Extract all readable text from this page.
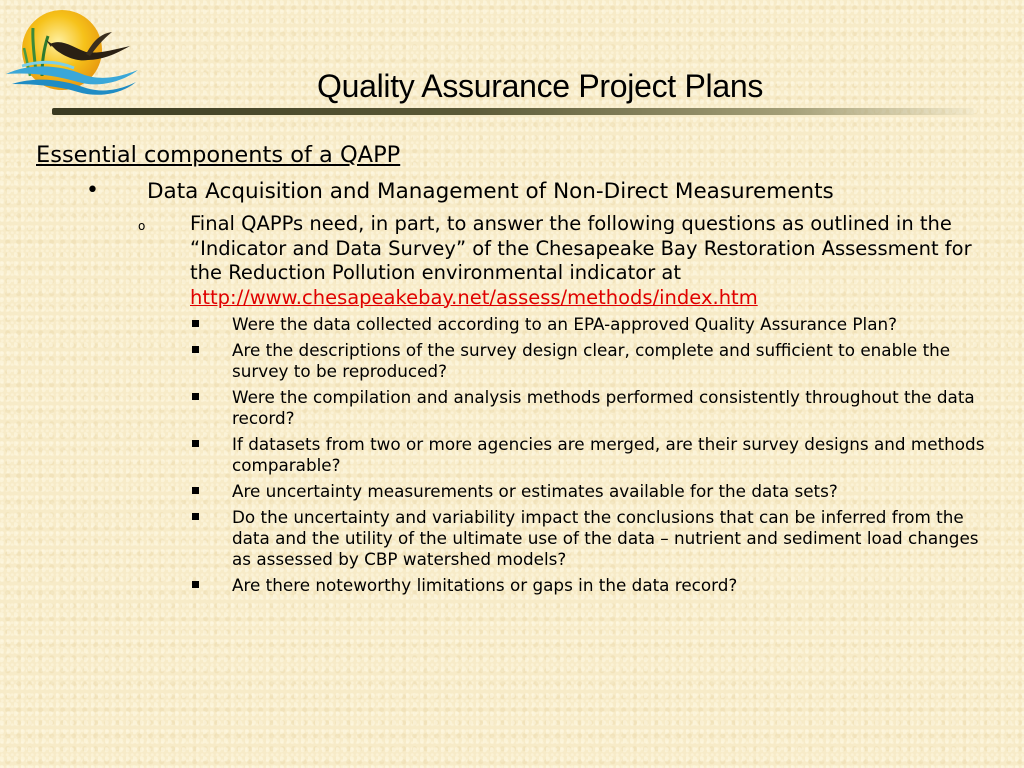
Quality Assurance Project Plans

Essential components of a QAPP

• Data Acquisition and Management of Non-Direct Measurements
o Final QAPPs need, in part, to answer the following questions as outlined in the “Indicator and Data Survey” of the Chesapeake Bay Restoration Assessment for the Reduction Pollution environmental indicator at http://www.chesapeakebay.net/assess/methods/index.htm
Were the data collected according to an EPA-approved Quality Assurance Plan?
Are the descriptions of the survey design clear, complete and sufficient to enable the survey to be reproduced?
Were the compilation and analysis methods performed consistently throughout the data record?
If datasets from two or more agencies are merged, are their survey designs and methods comparable?
Are uncertainty measurements or estimates available for the data sets?
Do the uncertainty and variability impact the conclusions that can be inferred from the data and the utility of the ultimate use of the data – nutrient and sediment load changes as assessed by CBP watershed models?
Are there noteworthy limitations or gaps in the data record?
